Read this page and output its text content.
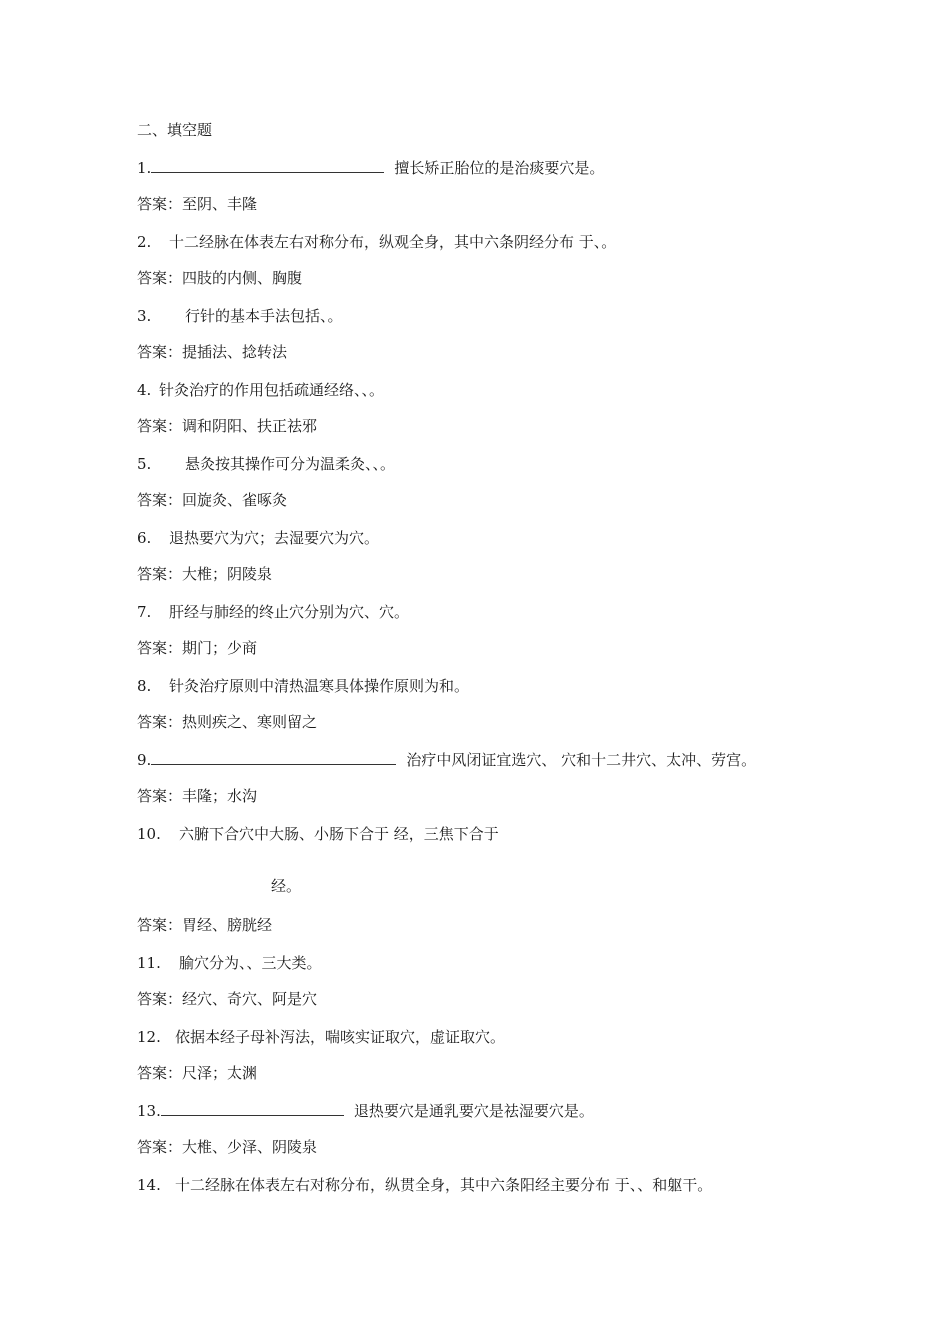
二、填空题
1.	擅长矫正胎位的是治痰要穴是。
答案：至阴、丰隆
2. 十二经脉在体表左右对称分布，纵观全身，其中六条阴经分布 于、。
答案：四肢的内侧、胸腹
3. 行针的基本手法包括、。
答案：提插法、捻转法
4. 针灸治疗的作用包括疏通经络、、。
答案：调和阴阳、扶正祛邪
5. 悬灸按其操作可分为温柔灸、、。
答案：回旋灸、雀啄灸
6. 退热要穴为穴；去湿要穴为穴。
答案：大椎；阴陵泉
7. 肝经与肺经的终止穴分别为穴、穴。
答案：期门；少商
8. 针灸治疗原则中清热温寒具体操作原则为和。
答案：热则疾之、寒则留之
9.	治疗中风闭证宜选穴、 穴和十二井穴、太冲、劳宫。
答案：丰隆；水沟
10. 六腑下合穴中大肠、小肠下合于 经，三焦下合于
经。
答案：胃经、膀胱经
11. 腧穴分为、、三大类。
答案：经穴、奇穴、阿是穴
12. 依据本经子母补泻法，喘咳实证取穴，虚证取穴。
答案：尺泽；太渊
13.	退热要穴是通乳要穴是祛湿要穴是。
答案：大椎、少泽、阴陵泉
14. 十二经脉在体表左右对称分布，纵贯全身，其中六条阳经主要分布 于、、和躯干。
